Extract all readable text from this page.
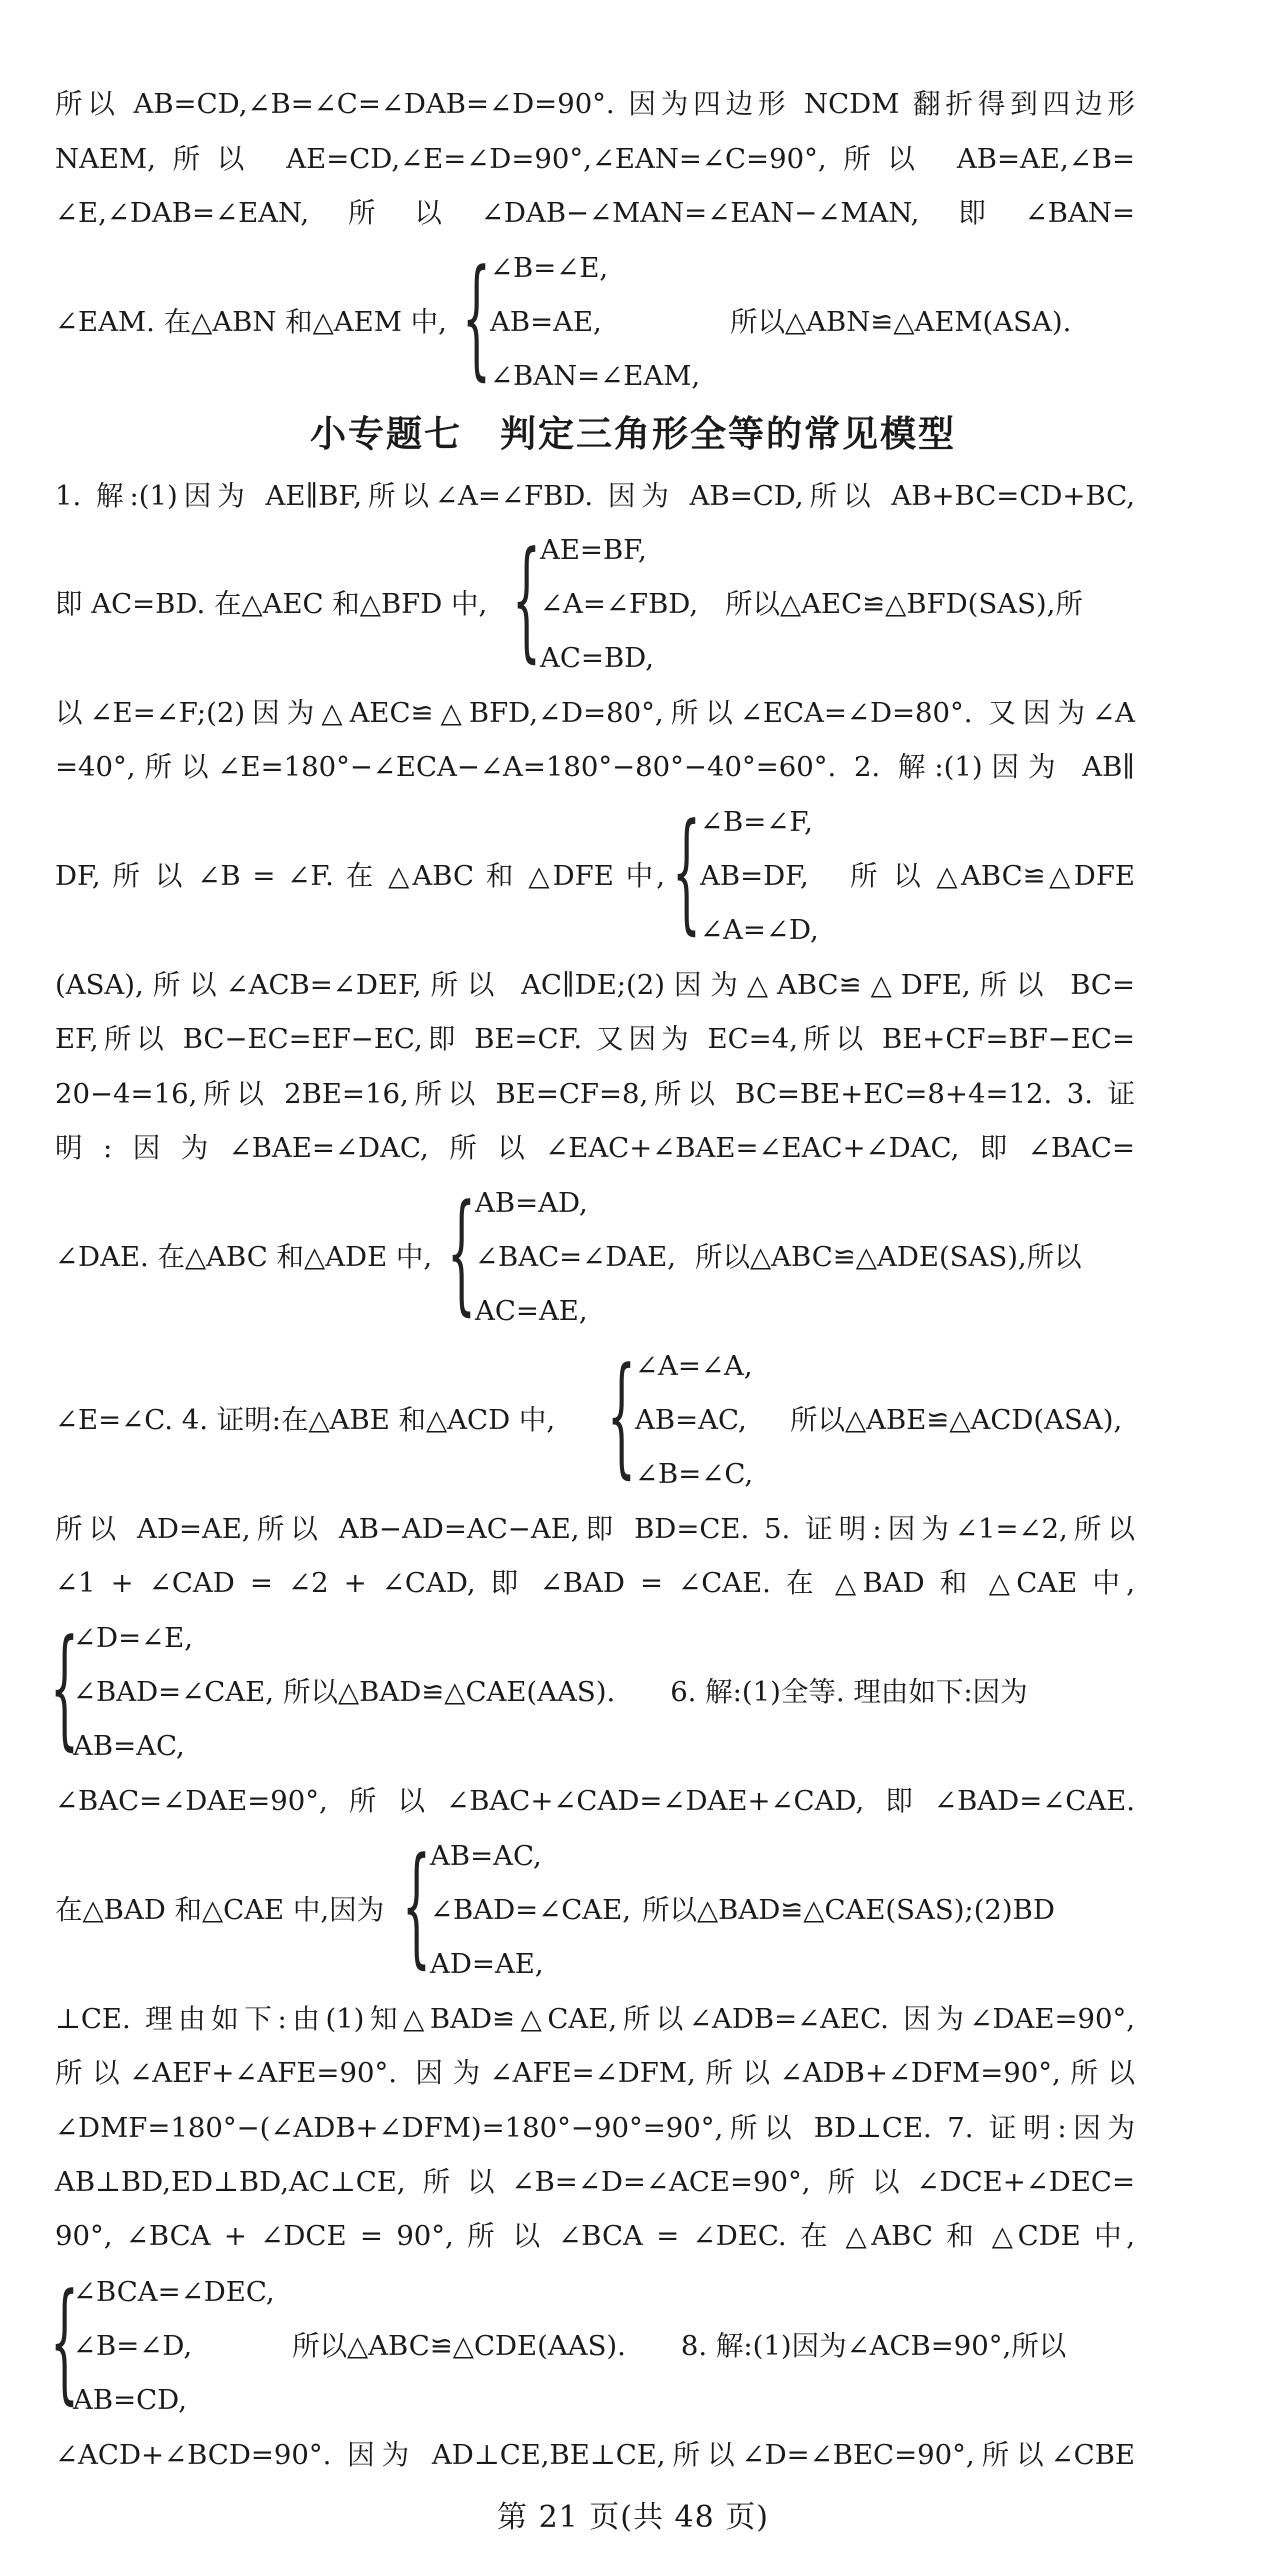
所以 AB=CD,∠B=∠C=∠DAB=∠D=90°. 因为四边形 NCDM 翻折得到四边形
NAEM,所以 AE=CD,∠E=∠D=90°,∠EAN=∠C=90°,所以 AB=AE,∠B=
∠E,∠DAB=∠EAN,所以∠DAB−∠MAN=∠EAN−∠MAN,即∠BAN=
∠EAM. 在△ABN 和△AEM 中, { ∠B=∠E,
AB=AE,
∠BAN=∠EAM,
所以△ABN≌△AEM(ASA).
小专题七　判定三角形全等的常见模型
1. 解:(1)因为 AE∥BF,所以∠A=∠FBD. 因为 AB=CD,所以 AB+BC=CD+BC,
即 AC=BD. 在△AEC 和△BFD 中, { AE=BF,
∠A=∠FBD,
AC=BD,
所以△AEC≌△BFD(SAS),所
以∠E=∠F;(2)因为△AEC≌△BFD,∠D=80°,所以∠ECA=∠D=80°. 又因为∠A
=40°,所以∠E=180°−∠ECA−∠A=180°−80°−40°=60°. 2. 解:(1)因为 AB∥
DF, 所 以 ∠B = ∠F. 在 △ABC 和 △DFE 中, { ∠B=∠F,
AB=DF,
∠A=∠D,
所 以 △ABC≌△DFE
(ASA),所以∠ACB=∠DEF,所以 AC∥DE;(2)因为△ABC≌△DFE,所以 BC=
EF,所以 BC−EC=EF−EC,即 BE=CF. 又因为 EC=4,所以 BE+CF=BF−EC=
20−4=16,所以 2BE=16,所以 BE=CF=8,所以 BC=BE+EC=8+4=12. 3. 证
明:因为∠BAE=∠DAC,所以∠EAC+∠BAE=∠EAC+∠DAC,即∠BAC=
∠DAE. 在△ABC 和△ADE 中, { AB=AD,
∠BAC=∠DAE,
AC=AE,
所以△ABC≌△ADE(SAS),所以
∠E=∠C. 4. 证明:在△ABE 和△ACD 中, { ∠A=∠A,
AB=AC,
∠B=∠C,
所以△ABE≌△ACD(ASA),
所以 AD=AE,所以 AB−AD=AC−AE,即 BD=CE. 5. 证明:因为∠1=∠2,所以
∠1 + ∠CAD = ∠2 + ∠CAD, 即 ∠BAD = ∠CAE. 在 △BAD 和 △CAE 中,
{
∠D=∠E,
∠BAD=∠CAE,
AB=AC,
所以△BAD≌△CAE(AAS).　　6. 解:(1)全等. 理由如下:因为
∠BAC=∠DAE=90°,所以∠BAC+∠CAD=∠DAE+∠CAD,即∠BAD=∠CAE.
在△BAD 和△CAE 中,因为 { AB=AC,
∠BAD=∠CAE,
AD=AE,
所以△BAD≌△CAE(SAS);(2)BD
⊥CE. 理由如下:由(1)知△BAD≌△CAE,所以∠ADB=∠AEC. 因为∠DAE=90°,
所以∠AEF+∠AFE=90°. 因为∠AFE=∠DFM,所以∠ADB+∠DFM=90°,所以
∠DMF=180°−(∠ADB+∠DFM)=180°−90°=90°,所以 BD⊥CE. 7. 证明:因为
AB⊥BD,ED⊥BD,AC⊥CE,所以∠B=∠D=∠ACE=90°,所以∠DCE+∠DEC=
90°, ∠BCA + ∠DCE = 90°, 所 以 ∠BCA = ∠DEC. 在 △ABC 和 △CDE 中,
{
∠BCA=∠DEC,
∠B=∠D,
AB=CD,
所以△ABC≌△CDE(AAS).　　8. 解:(1)因为∠ACB=90°,所以
∠ACD+∠BCD=90°. 因为 AD⊥CE,BE⊥CE,所以∠D=∠BEC=90°,所以∠CBE
第 21 页(共 48 页)
